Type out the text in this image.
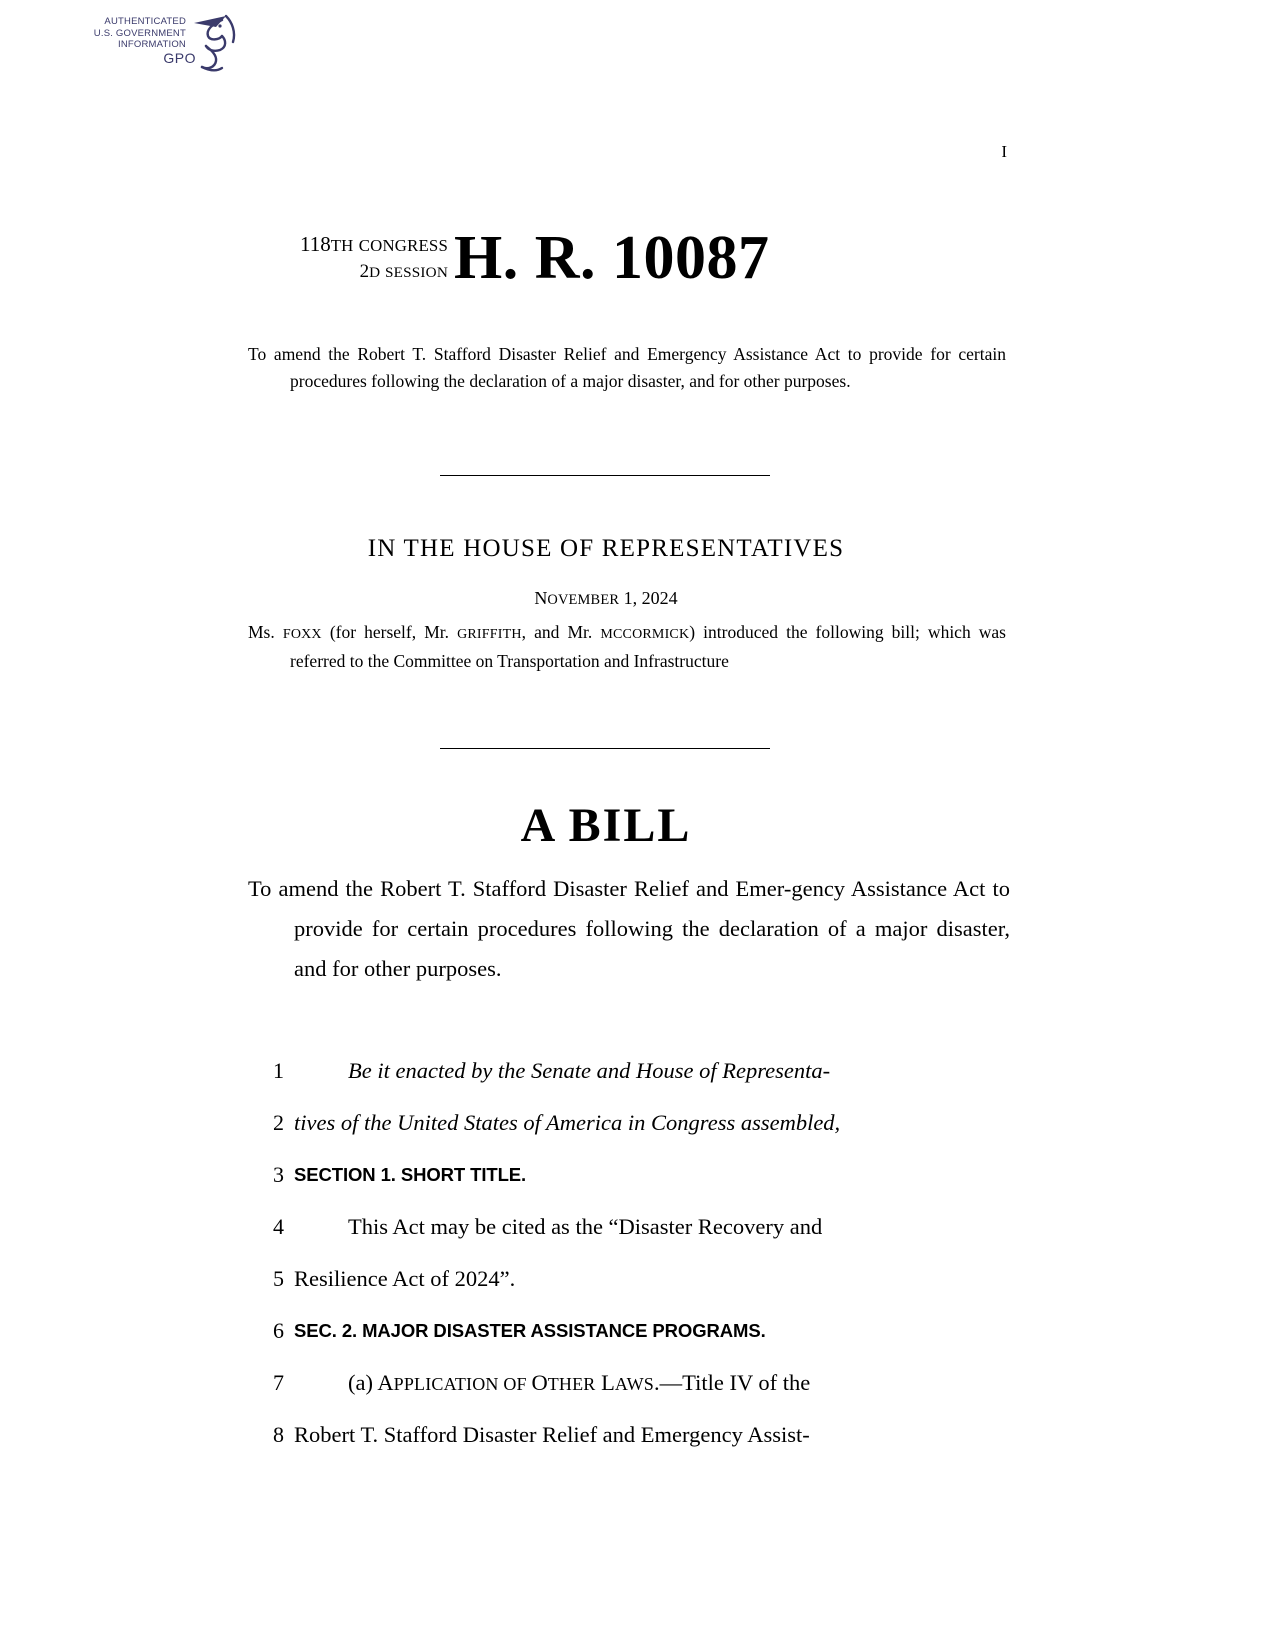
AUTHENTICATED
U.S. GOVERNMENT
INFORMATION
GPO
I
118TH CONGRESS
2D SESSION H. R. 10087
To amend the Robert T. Stafford Disaster Relief and Emergency Assistance Act to provide for certain procedures following the declaration of a major disaster, and for other purposes.
IN THE HOUSE OF REPRESENTATIVES
NOVEMBER 1, 2024
Ms. FOXX (for herself, Mr. GRIFFITH, and Mr. MCCORMICK) introduced the following bill; which was referred to the Committee on Transportation and Infrastructure
A BILL
To amend the Robert T. Stafford Disaster Relief and Emer-gency Assistance Act to provide for certain procedures following the declaration of a major disaster, and for other purposes.
1	Be it enacted by the Senate and House of Representa-
2 tives of the United States of America in Congress assembled,
3 SECTION 1. SHORT TITLE.
4	This Act may be cited as the “Disaster Recovery and
5 Resilience Act of 2024”.
6 SEC. 2. MAJOR DISASTER ASSISTANCE PROGRAMS.
7	(a) APPLICATION OF OTHER LAWS.—Title IV of the
8 Robert T. Stafford Disaster Relief and Emergency Assist-
